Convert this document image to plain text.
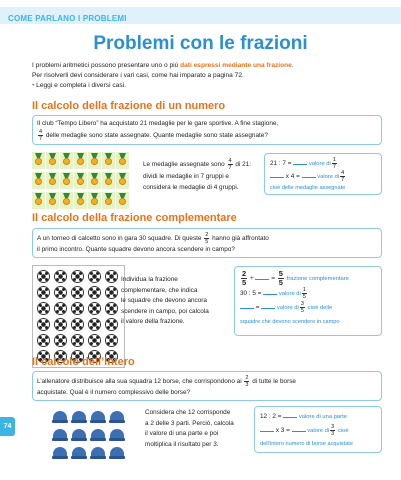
COME PARLANO I PROBLEMI
Problemi con le frazioni
I problemi aritmetici possono presentare uno o più dati espressi mediante una frazione.
Per risolverli devi considerare i vari casi, come hai imparato a pagina 72.
• Leggi e completa i diversi casi.
Il calcolo della frazione di un numero
Il club “Tempo Libero” ha acquistato 21 medaglie per le gare sportive. A fine stagione,
$\frac{4}{7}$ delle medaglie sono state assegnate. Quante medaglie sono state assegnate?
Le medaglie assegnate sono $\frac{4}{7}$ di 21:
dividi le medaglie in 7 gruppi e
considera le medaglie di 4 gruppi.
21 : 7 =  valore di $\frac{1}{7}$
x 4 =  valore di $\frac{4}{7}$
cioè delle medaglie assegnate
Il calcolo della frazione complementare
A un torneo di calcetto sono in gara 30 squadre. Di queste $\frac{2}{5}$ hanno già affrontato
il primo incontro. Quante squadre devono ancora scendere in campo?
Individua la frazione
complementare, che indica
le squadre che devono ancora
scendere in campo, poi calcola
il valore della frazione.
$\frac{2}{5}$ +  = $\frac{5}{5}$ frazione complementare
30 : 5 =  valore di $\frac{1}{5}$
=  valore di $\frac{3}{5}$ cioè delle
squadre che devono scendere in campo
Il calcolo dell’intero
L’allenatore distribuisce alla sua squadra 12 borse, che corrispondono ai $\frac{2}{3}$ di tutte le borse
acquistate. Qual è il numero complessivo delle borse?
Considera che 12 corrisponde
a 2 delle 3 parti. Perciò, calcola
il valore di una parte e poi
moltiplica il risultato per 3.
12 : 2 =  valore di una parte
x 3 =  valore di $\frac{3}{3}$ cioè
dell’intero numero di borse acquistate
74
